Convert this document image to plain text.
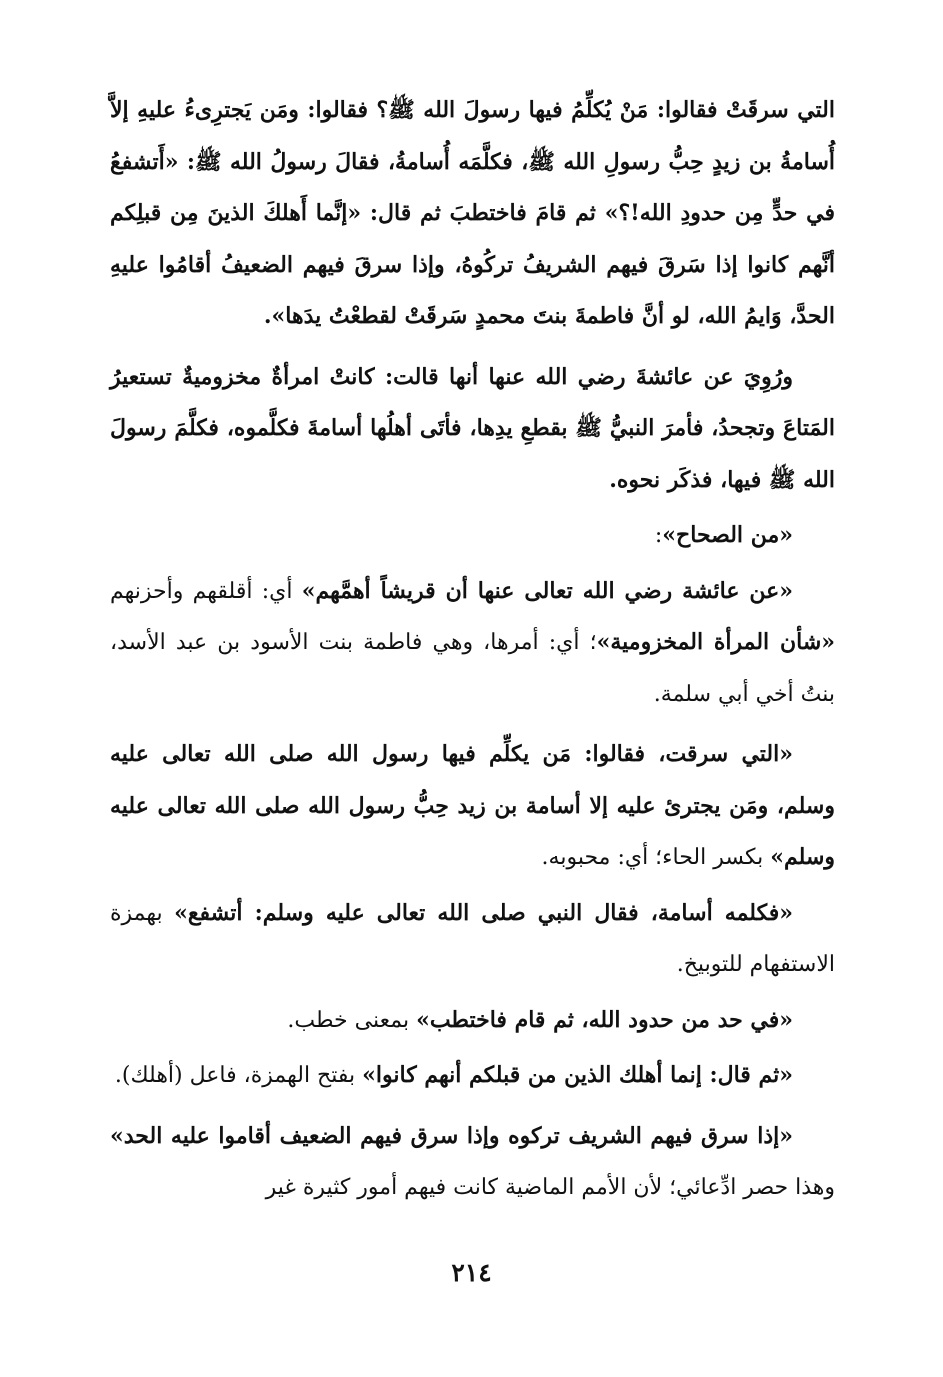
التي سرقَتْ فقالوا: مَنْ يُكلِّمُ فيها رسولَ الله ﷺ؟ فقالوا: ومَن يَجترِىءُ عليهِ إلاَّ أُسامةُ بن زيدٍ حِبُّ رسولِ الله ﷺ، فكلَّمَه أُسامةُ، فقالَ رسولُ الله ﷺ: «أَتشفعُ في حدٍّ مِن حدودِ الله!؟» ثم قامَ فاختطبَ ثم قال: «إنَّما أَهلكَ الذينَ مِن قبلِكم أنَّهم كانوا إذا سَرقَ فيهم الشريفُ تركُوهُ، وإذا سرقَ فيهم الضعيفُ أقامُوا عليهِ الحدَّ، وَايمُ الله، لو أنَّ فاطمةَ بنتَ محمدٍ سَرقَتْ لقطعْتُ يدَها».

ورُوِيَ عن عائشةَ رضي الله عنها أنها قالت: كانتْ امرأةٌ مخزوميةٌ تستعيرُ المَتاعَ وتجحدُ، فأمرَ النبيُّ ﷺ بقطعِ يدِها، فأتَى أهلُها أسامةَ فكلَّموه، فكلَّمَ رسولَ الله ﷺ فيها، فذكَر نحوه.

«من الصحاح»:

«عن عائشة رضي الله تعالى عنها أن قريشاً أهمَّهم» أي: أقلقهم وأحزنهم «شأن المرأة المخزومية»؛ أي: أمرها، وهي فاطمة بنت الأسود بن عبد الأسد، بنتُ أخي أبي سلمة.

«التي سرقت، فقالوا: مَن يكلِّم فيها رسول الله صلى الله تعالى عليه وسلم، ومَن يجترئ عليه إلا أسامة بن زيد حِبُّ رسول الله صلى الله تعالى عليه وسلم» بكسر الحاء؛ أي: محبوبه.

«فكلمه أسامة، فقال النبي صلى الله تعالى عليه وسلم: أتشفع» بهمزة الاستفهام للتوبيخ.

«في حد من حدود الله، ثم قام فاختطب» بمعنى خطب.

«ثم قال: إنما أهلك الذين من قبلكم أنهم كانوا» بفتح الهمزة، فاعل (أهلك).

«إذا سرق فيهم الشريف تركوه وإذا سرق فيهم الضعيف أقاموا عليه الحد» وهذا حصر ادِّعائي؛ لأن الأمم الماضية كانت فيهم أمور كثيرة غير

٢١٤
